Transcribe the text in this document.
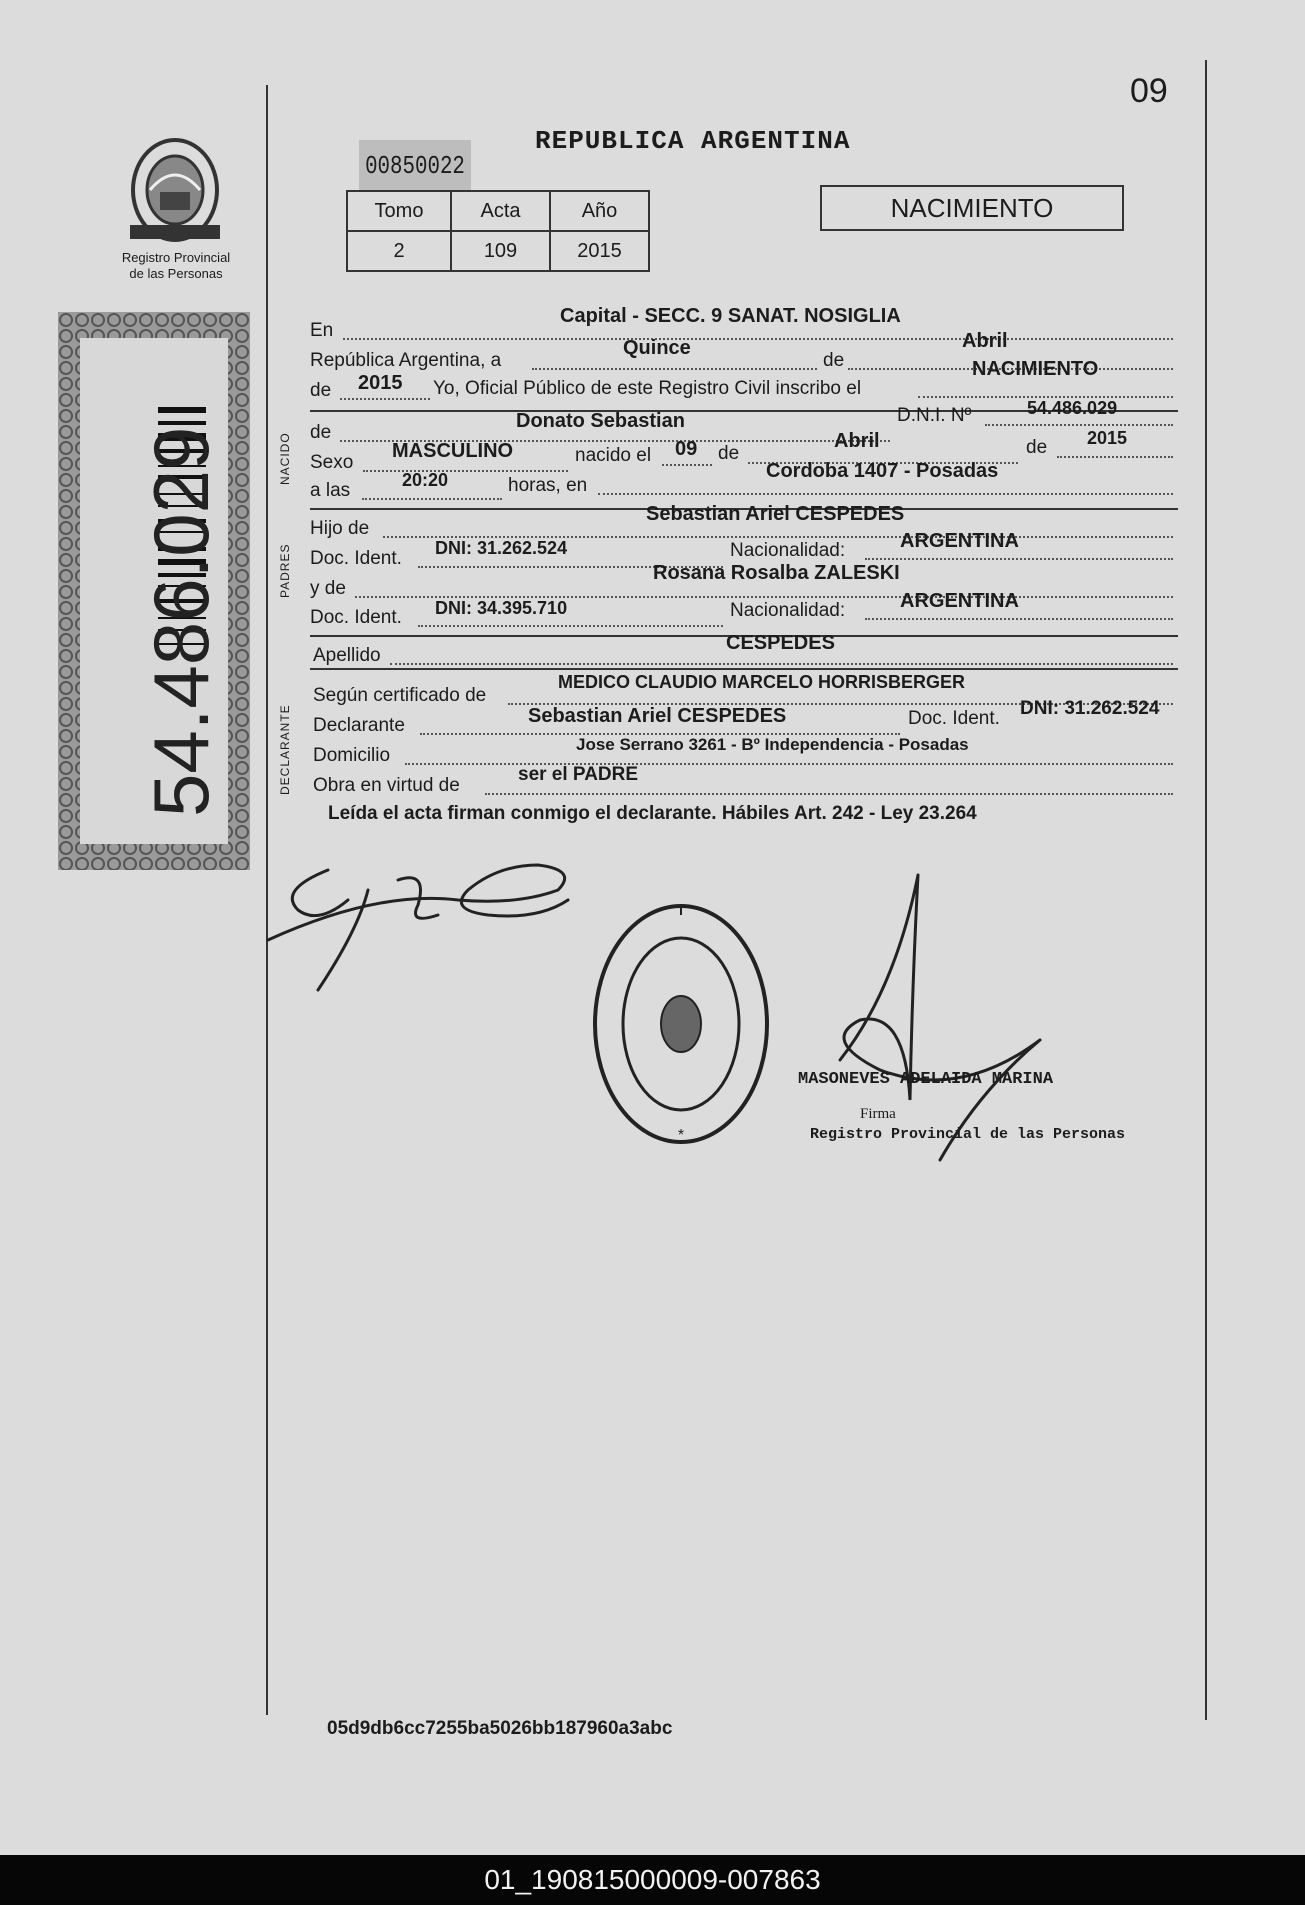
09
Registro Provincial
de las Personas
54.486.029
REPUBLICA ARGENTINA
00850022
Tomo	Acta	Año
2	109	2015
NACIMIENTO
En
Capital - SECC. 9 SANAT. NOSIGLIA
República Argentina, a
Quince
de
Abril
de 2015 Yo, Oficial Público de este Registro Civil inscribo el
NACIMIENTO
NACIDO de
Donato Sebastian	D.N.I. Nº	54.486.029
Sexo
MASCULINO	nacido el 09 de
Abril	de 2015
a las	20:20	horas, en
Cordoba 1407 - Posadas
PADRES
Hijo de
Sebastian Ariel CESPEDES
Doc. Ident. DNI: 31.262.524	Nacionalidad:	ARGENTINA
y de
Rosana Rosalba ZALESKI
Doc. Ident. DNI: 34.395.710	Nacionalidad:	ARGENTINA
Apellido
CESPEDES
DECLARANTE
Según certificado de
MEDICO CLAUDIO MARCELO HORRISBERGER
Declarante	Sebastian Ariel CESPEDES	Doc. Ident. DNI: 31.262.524
Domicilio
Jose Serrano 3261 - Bº Independencia - Posadas
Obra en virtud de
ser el PADRE
Leída el acta firman conmigo el declarante. Hábiles Art. 242 - Ley 23.264
*
MASONEVES ADELAIDA MARINA
Firma
Registro Provincial de las Personas
05d9db6cc7255ba5026bb187960a3abc
01_190815000009-007863
